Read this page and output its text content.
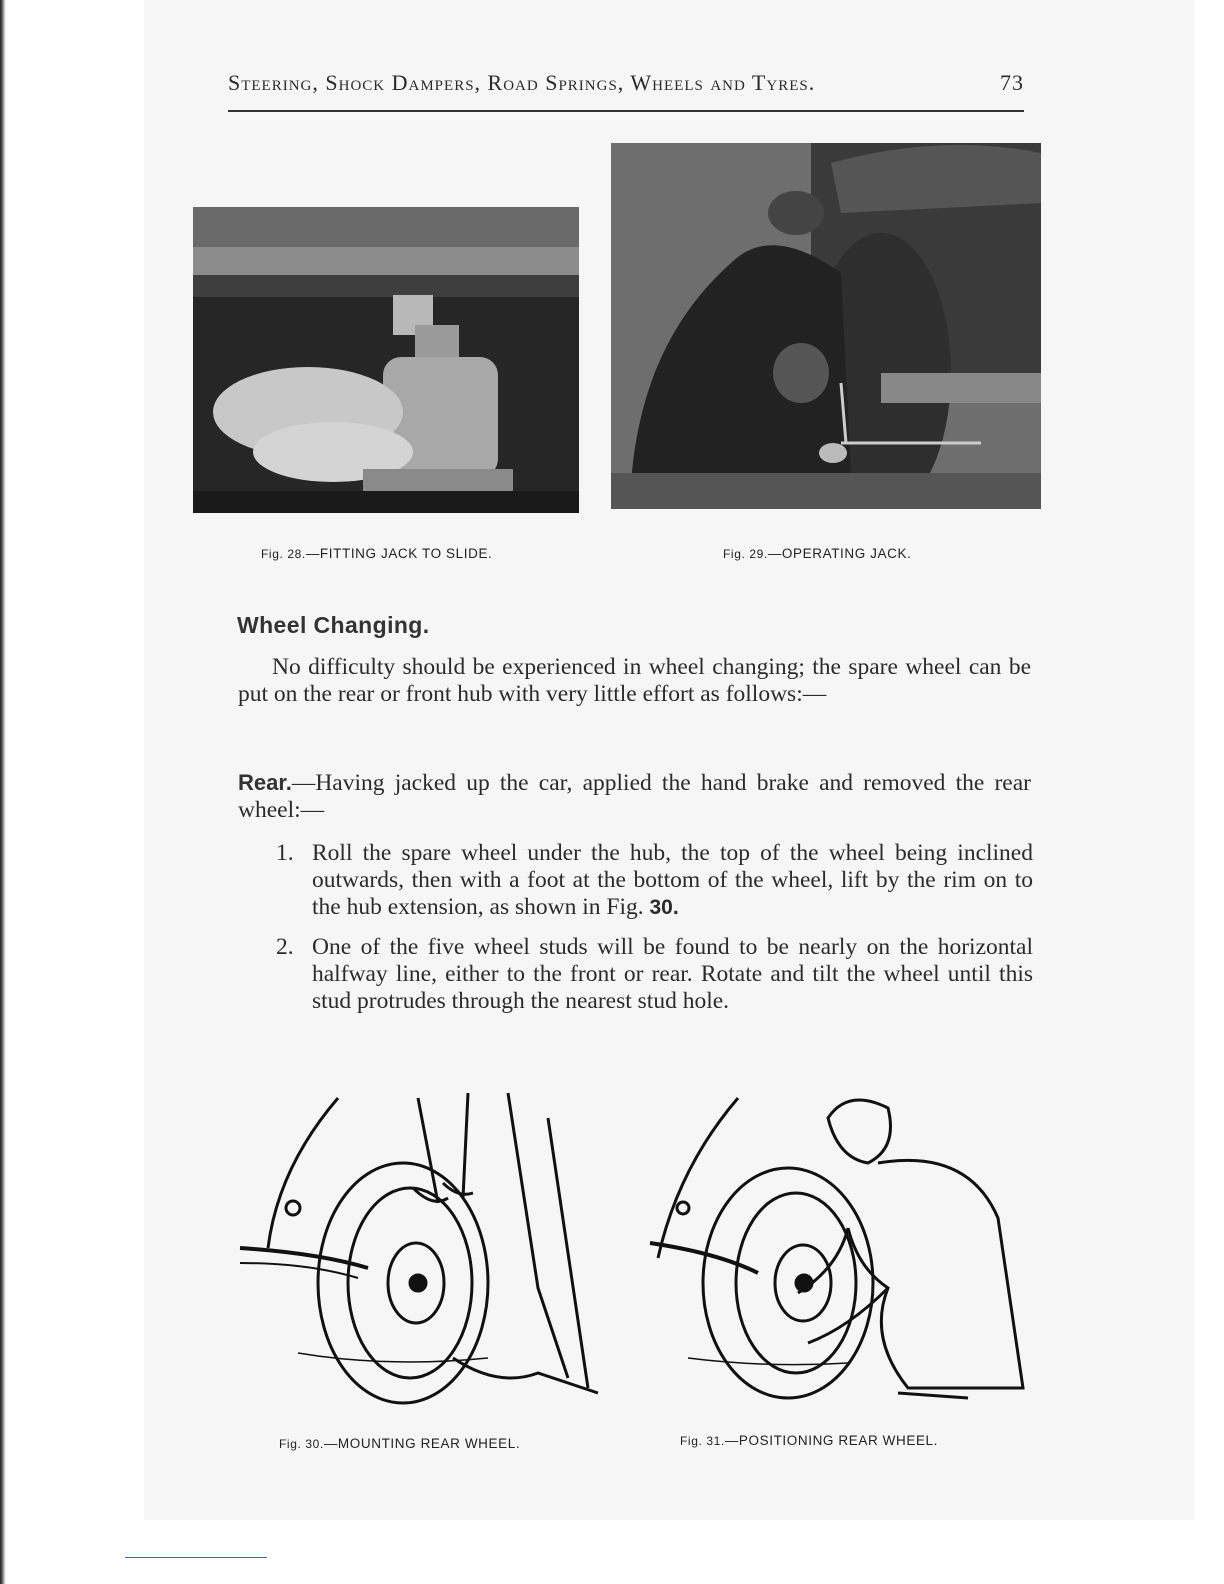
Steering, Shock Dampers, Road Springs, Wheels and Tyres.	73
Fig. 28.—FITTING JACK TO SLIDE.	Fig. 29.—OPERATING JACK.
Wheel Changing.
No difficulty should be experienced in wheel changing; the spare wheel can be put on the rear or front hub with very little effort as follows:—
Rear.—Having jacked up the car, applied the hand brake and removed the rear wheel:—
1. Roll the spare wheel under the hub, the top of the wheel being inclined outwards, then with a foot at the bottom of the wheel, lift by the rim on to the hub extension, as shown in Fig. 30.
2. One of the five wheel studs will be found to be nearly on the horizontal halfway line, either to the front or rear. Rotate and tilt the wheel until this stud protrudes through the nearest stud hole.
Fig. 30.—MOUNTING REAR WHEEL.	Fig. 31.—POSITIONING REAR WHEEL.
